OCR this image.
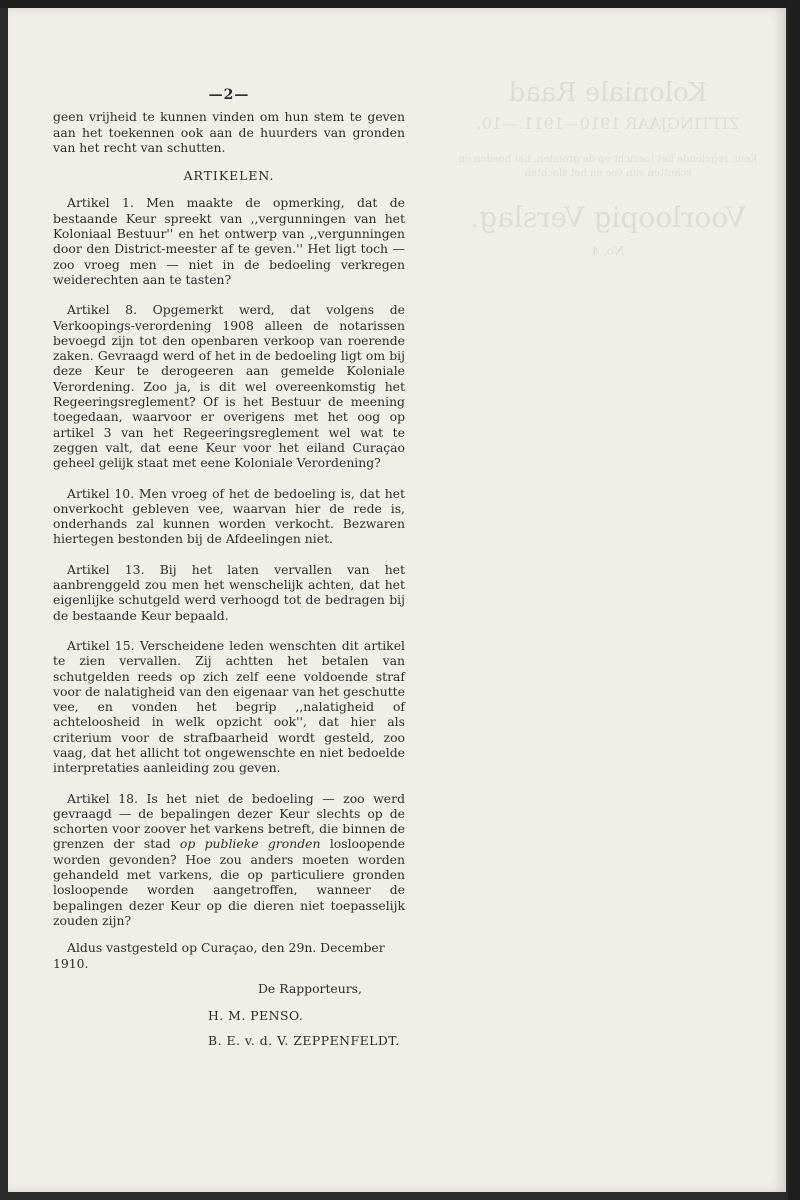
Koloniale Raad
ZITTINGJAAR 1910—1911.—10.
Keur, regelende het toezicht op de gronden, het hoeden en schutten van vee en het slachten
Voorloopig Verslag.
No. 4
—2—

geen vrijheid te kunnen vinden om hun stem te geven aan het toekennen ook aan de huurders van gronden van het recht van schutten.

ARTIKELEN.

Artikel 1. Men maakte de opmerking, dat de bestaande Keur spreekt van ,,vergunningen van het Koloniaal Bestuur'' en het ontwerp van ,,vergunningen door den District-meester af te geven.'' Het ligt toch — zoo vroeg men — niet in de bedoeling verkregen weiderechten aan te tasten?

Artikel 8. Opgemerkt werd, dat volgens de Verkoopings-verordening 1908 alleen de notarissen bevoegd zijn tot den openbaren verkoop van roerende zaken. Gevraagd werd of het in de bedoeling ligt om bij deze Keur te derogeeren aan gemelde Koloniale Verordening. Zoo ja, is dit wel overeenkomstig het Regeeringsreglement? Of is het Bestuur de meening toegedaan, waarvoor er overigens met het oog op artikel 3 van het Regeeringsreglement wel wat te zeggen valt, dat eene Keur voor het eiland Curaçao geheel gelijk staat met eene Koloniale Verordening?

Artikel 10. Men vroeg of het de bedoeling is, dat het onverkocht gebleven vee, waarvan hier de rede is, onderhands zal kunnen worden verkocht. Bezwaren hiertegen bestonden bij de Afdeelingen niet.

Artikel 13. Bij het laten vervallen van het aanbrenggeld zou men het wenschelijk achten, dat het eigenlijke schutgeld werd verhoogd tot de bedragen bij de bestaande Keur bepaald.

Artikel 15. Verscheidene leden wenschten dit artikel te zien vervallen. Zij achtten het betalen van schutgelden reeds op zich zelf eene voldoende straf voor de nalatigheid van den eigenaar van het geschutte vee, en vonden het begrip ,,nalatigheid of achteloosheid in welk opzicht ook'', dat hier als criterium voor de strafbaarheid wordt gesteld, zoo vaag, dat het allicht tot ongewenschte en niet bedoelde interpretaties aanleiding zou geven.

Artikel 18. Is het niet de bedoeling — zoo werd gevraagd — de bepalingen dezer Keur slechts op de schorten voor zoover het varkens betreft, die binnen de grenzen der stad op publieke gronden losloopende worden gevonden? Hoe zou anders moeten worden gehandeld met varkens, die op particuliere gronden losloopende worden aangetroffen, wanneer de bepalingen dezer Keur op die dieren niet toepasselijk zouden zijn?

Aldus vastgesteld op Curaçao, den 29n. December 1910.
De Rapporteurs,
H. M. PENSO.
B. E. v. d. V. ZEPPENFELDT.
